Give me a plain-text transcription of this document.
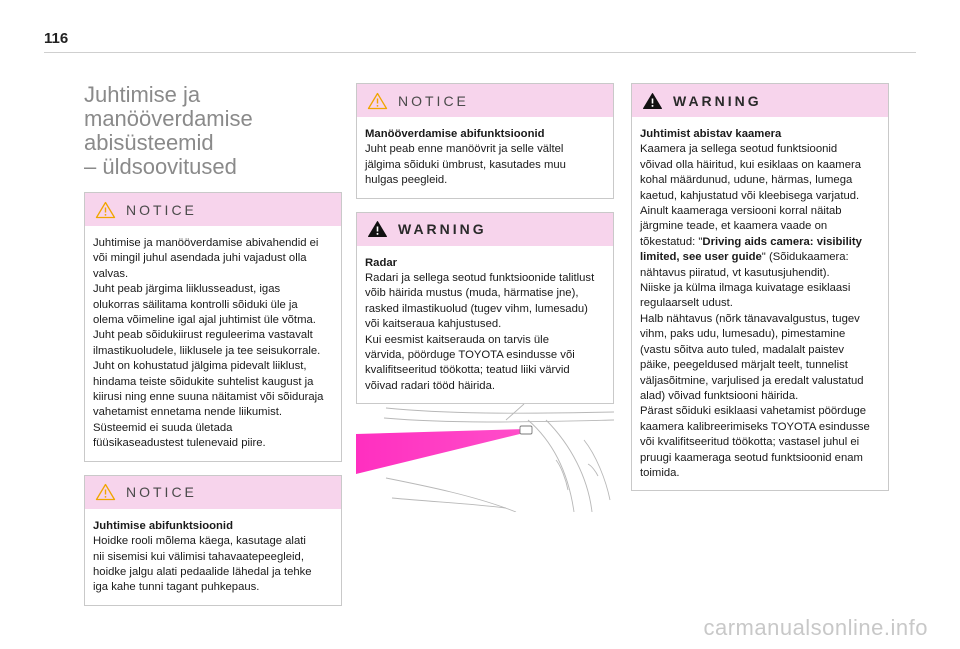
116
Juhtimise ja
manööverdamise
abisüsteemid
– üldsoovitused
NOTICE

Juhtimise ja manööverdamise abivahendid ei

või mingil juhul asendada juhi vajadust olla

valvas.

Juht peab järgima liiklusseadust, igas

olukorras säilitama kontrolli sõiduki üle ja

olema võimeline igal ajal juhtimist üle võtma.

Juht peab sõidukiirust reguleerima vastavalt

ilmastikuoludele, liiklusele ja tee seisukorrale.

Juht on kohustatud jälgima pidevalt liiklust,

hindama teiste sõidukite suhtelist kaugust ja

kiirusi ning enne suuna näitamist või sõiduraja

vahetamist ennetama nende liikumist.

Süsteemid ei suuda ületada

füüsikaseadustest tulenevaid piire.

NOTICE

Juhtimise abifunktsioonid

Hoidke rooli mõlema käega, kasutage alati

nii sisemisi kui välimisi tahavaatepeegleid,

hoidke jalgu alati pedaalide lähedal ja tehke

iga kahe tunni tagant puhkepaus.

NOTICE

Manööverdamise abifunktsioonid

Juht peab enne manöövrit ja selle vältel

jälgima sõiduki ümbrust, kasutades muu

hulgas peegleid.

WARNING

Radar

Radari ja sellega seotud funktsioonide talitlust

võib häirida mustus (muda, härmatise jne),

rasked ilmastikuolud (tugev vihm, lumesadu)

või kaitseraua kahjustused.

Kui eesmist kaitserauda on tarvis üle

värvida, pöörduge TOYOTA esindusse või

kvalifitseeritud töökotta; teatud liiki värvid

võivad radari tööd häirida.

WARNING

Juhtimist abistav kaamera

Kaamera ja sellega seotud funktsioonid

võivad olla häiritud, kui esiklaas on kaamera

kohal määrdunud, udune, härmas, lumega

kaetud, kahjustatud või kleebisega varjatud.

Ainult kaameraga versiooni korral näitab

järgmine teade, et kaamera vaade on

tõkestatud: "Driving aids camera: visibility

limited, see user guide" (Sõidukaamera:

nähtavus piiratud, vt kasutusjuhendit).

Niiske ja külma ilmaga kuivatage esiklaasi

regulaarselt udust.

Halb nähtavus (nõrk tänavavalgustus, tugev

vihm, paks udu, lumesadu), pimestamine

(vastu sõitva auto tuled, madalalt paistev

päike, peegeldused märjalt teelt, tunnelist

väljasõitmine, varjulised ja eredalt valustatud

alad) võivad funktsiooni häirida.

Pärast sõiduki esiklaasi vahetamist pöörduge

kaamera kalibreerimiseks TOYOTA esindusse

või kvalifitseeritud töökotta; vastasel juhul ei

pruugi kaameraga seotud funktsioonid enam

toimida.

carmanualsonline.info
